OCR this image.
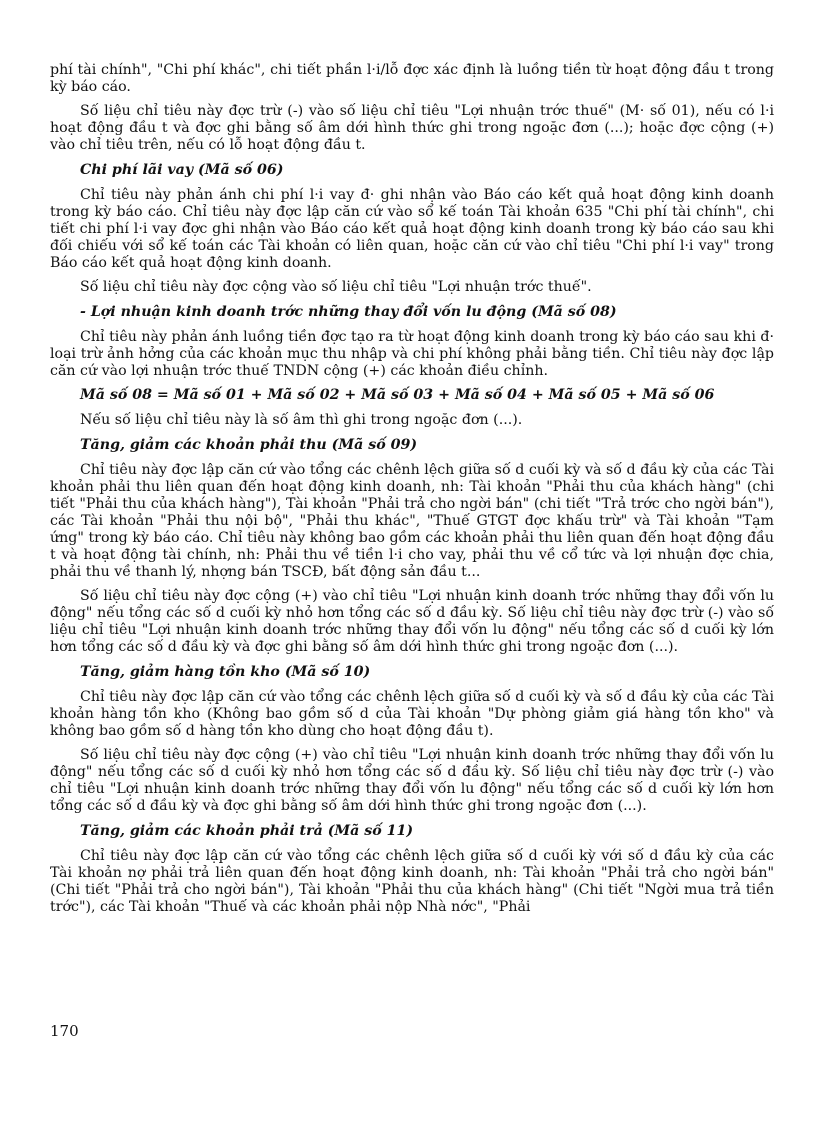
phí tài chính", "Chi phí khác", chi tiết phần l·i/lỗ đợc xác định là luồng tiền từ hoạt động đầu t trong kỳ báo cáo.

Số liệu chỉ tiêu này đợc trừ (-) vào số liệu chỉ tiêu "Lợi nhuận trớc thuế" (M· số 01), nếu có l·i hoạt động đầu t và đợc ghi bằng số âm dới hình thức ghi trong ngoặc đơn (...); hoặc đợc cộng (+) vào chỉ tiêu trên, nếu có lỗ hoạt động đầu t.

Chi phí lãi vay (Mã số 06)

Chỉ tiêu này phản ánh chi phí l·i vay đ· ghi nhận vào Báo cáo kết quả hoạt động kinh doanh trong kỳ báo cáo. Chỉ tiêu này đợc lập căn cứ vào sổ kế toán Tài khoản 635 "Chi phí tài chính", chi tiết chi phí l·i vay đợc ghi nhận vào Báo cáo kết quả hoạt động kinh doanh trong kỳ báo cáo sau khi đối chiếu với sổ kế toán các Tài khoản có liên quan, hoặc căn cứ vào chỉ tiêu "Chi phí l·i vay" trong Báo cáo kết quả hoạt động kinh doanh.

Số liệu chỉ tiêu này đợc cộng vào số liệu chỉ tiêu "Lợi nhuận trớc thuế".

- Lợi nhuận kinh doanh trớc những thay đổi vốn lu động (Mã số 08)

Chỉ tiêu này phản ánh luồng tiền đợc tạo ra từ hoạt động kinh doanh trong kỳ báo cáo sau khi đ· loại trừ ảnh hởng của các khoản mục thu nhập và chi phí không phải bằng tiền. Chỉ tiêu này đợc lập căn cứ vào lợi nhuận trớc thuế TNDN cộng (+) các khoản điều chỉnh.

Mã số 08 = Mã số 01 + Mã số 02 + Mã số 03 + Mã số 04 + Mã số 05 + Mã số 06

Nếu số liệu chỉ tiêu này là số âm thì ghi trong ngoặc đơn (...).

Tăng, giảm các khoản phải thu (Mã số 09)

Chỉ tiêu này đợc lập căn cứ vào tổng các chênh lệch giữa số d cuối kỳ và số d đầu kỳ của các Tài khoản phải thu liên quan đến hoạt động kinh doanh, nh: Tài khoản "Phải thu của khách hàng" (chi tiết "Phải thu của khách hàng"), Tài khoản "Phải trả cho ngời bán" (chi tiết "Trả trớc cho ngời bán"), các Tài khoản "Phải thu nội bộ", "Phải thu khác", "Thuế GTGT đợc khấu trừ" và Tài khoản "Tạm ứng" trong kỳ báo cáo. Chỉ tiêu này không bao gồm các khoản phải thu liên quan đến hoạt động đầu t và hoạt động tài chính, nh: Phải thu về tiền l·i cho vay, phải thu về cổ tức và lợi nhuận đợc chia, phải thu về thanh lý, nhợng bán TSCĐ, bất động sản đầu t...

Số liệu chỉ tiêu này đợc cộng (+) vào chỉ tiêu "Lợi nhuận kinh doanh trớc những thay đổi vốn lu động" nếu tổng các số d cuối kỳ nhỏ hơn tổng các số d đầu kỳ. Số liệu chỉ tiêu này đợc trừ (-) vào số liệu chỉ tiêu "Lợi nhuận kinh doanh trớc những thay đổi vốn lu động" nếu tổng các số d cuối kỳ lớn hơn tổng các số d đầu kỳ và đợc ghi bằng số âm dới hình thức ghi trong ngoặc đơn (...).

Tăng, giảm hàng tồn kho (Mã số 10)

Chỉ tiêu này đợc lập căn cứ vào tổng các chênh lệch giữa số d cuối kỳ và số d đầu kỳ của các Tài khoản hàng tồn kho (Không bao gồm số d của Tài khoản "Dự phòng giảm giá hàng tồn kho" và không bao gồm số d hàng tồn kho dùng cho hoạt động đầu t).

Số liệu chỉ tiêu này đợc cộng (+) vào chỉ tiêu "Lợi nhuận kinh doanh trớc những thay đổi vốn lu động" nếu tổng các số d cuối kỳ nhỏ hơn tổng các số d đầu kỳ. Số liệu chỉ tiêu này đợc trừ (-) vào chỉ tiêu "Lợi nhuận kinh doanh trớc những thay đổi vốn lu động" nếu tổng các số d cuối kỳ lớn hơn tổng các số d đầu kỳ và đợc ghi bằng số âm dới hình thức ghi trong ngoặc đơn (...).

Tăng, giảm các khoản phải trả (Mã số 11)

Chỉ tiêu này đợc lập căn cứ vào tổng các chênh lệch giữa số d cuối kỳ với số d đầu kỳ của các Tài khoản nợ phải trả liên quan đến hoạt động kinh doanh, nh: Tài khoản "Phải trả cho ngời bán" (Chi tiết "Phải trả cho ngời bán"), Tài khoản "Phải thu của khách hàng" (Chi tiết "Ngời mua trả tiền trớc"), các Tài khoản "Thuế và các khoản phải nộp Nhà nớc", "Phải

170
